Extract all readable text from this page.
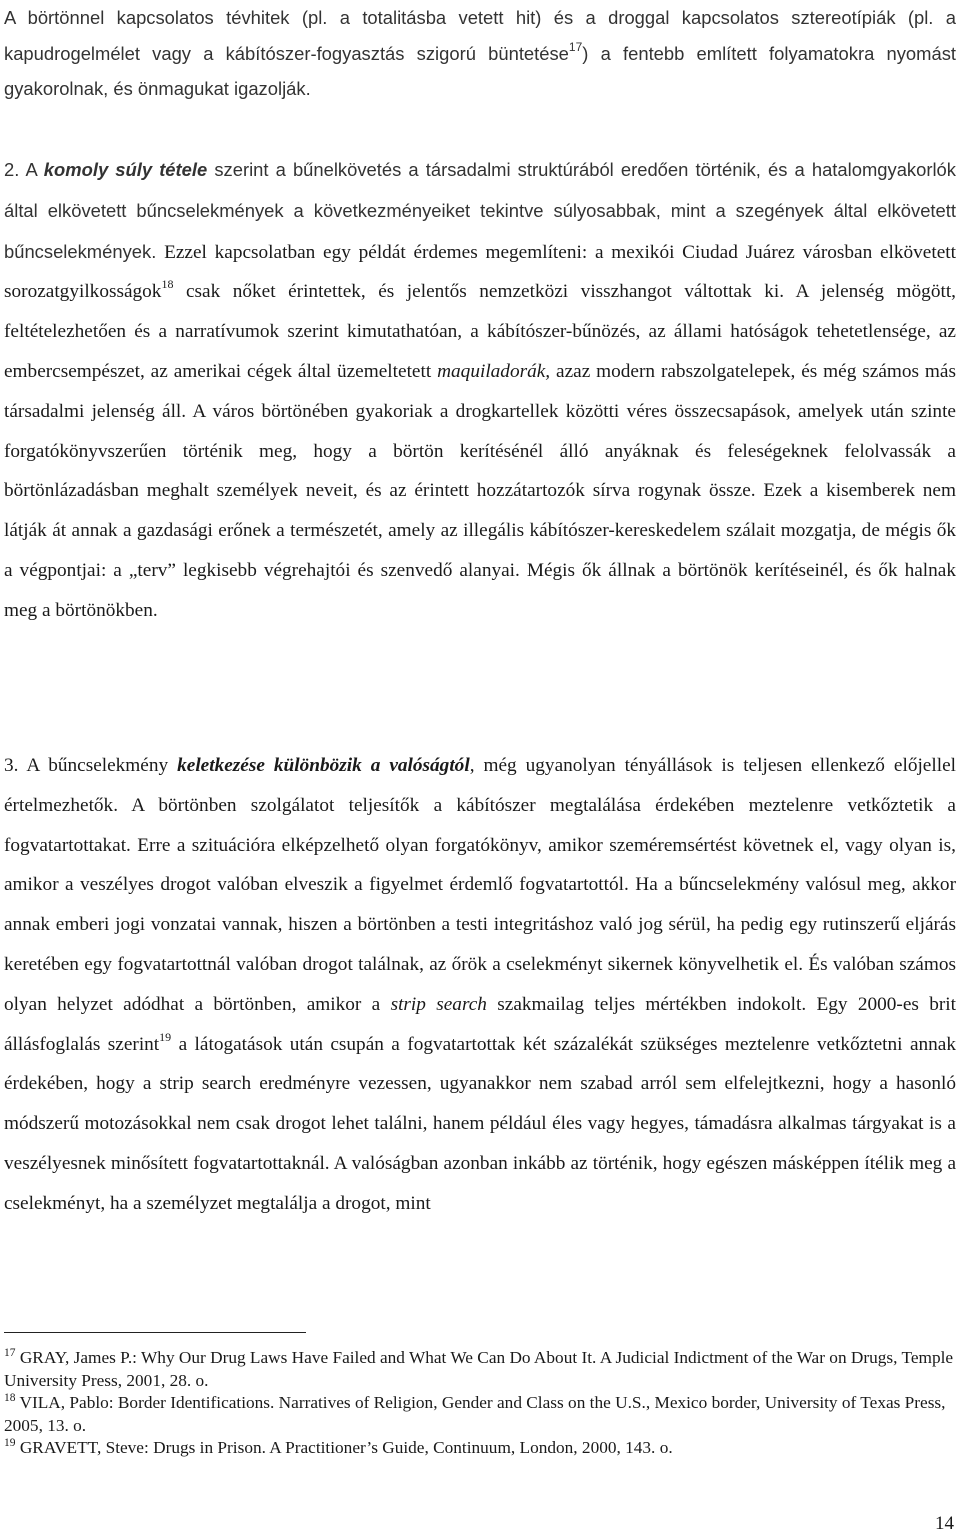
A börtönnel kapcsolatos tévhitek (pl. a totalitásba vetett hit) és a droggal kapcsolatos sztereotípiák (pl. a kapudrogelmélet vagy a kábítószer-fogyasztás szigorú büntetése$^{17}$) a fentebb említett folyamatokra nyomást gyakorolnak, és önmagukat igazolják.

2. A komoly súly tétele szerint a bűnelkövetés a társadalmi struktúrából eredően történik, és a hatalomgyakorlók által elkövetett bűncselekmények a következményeiket tekintve súlyosabbak, mint a szegények által elkövetett bűncselekmények. Ezzel kapcsolatban egy példát érdemes megemlíteni: a mexikói Ciudad Juárez városban elkövetett sorozatgyilkosságok$^{18}$ csak nőket érintettek, és jelentős nemzetközi visszhangot váltottak ki. A jelenség mögött, feltételezhetően és a narratívumok szerint kimutathatóan, a kábítószer-bűnözés, az állami hatóságok tehetetlensége, az embercsempészet, az amerikai cégek által üzemeltetett maquiladorák, azaz modern rabszolgatelepek, és még számos más társadalmi jelenség áll. A város börtönében gyakoriak a drogkartellek közötti véres összecsapások, amelyek után szinte forgatókönyvszerűen történik meg, hogy a börtön kerítésénél álló anyáknak és feleségeknek felolvassák a börtönlázadásban meghalt személyek neveit, és az érintett hozzátartozók sírva rogynak össze. Ezek a kisemberek nem látják át annak a gazdasági erőnek a természetét, amely az illegális kábítószer-kereskedelem szálait mozgatja, de mégis ők a végpontjai: a „terv” legkisebb végrehajtói és szenvedő alanyai. Mégis ők állnak a börtönök kerítéseinél, és ők halnak meg a börtönökben.

3. A bűncselekmény keletkezése különbözik a valóságtól, még ugyanolyan tényállások is teljesen ellenkező előjellel értelmezhetők. A börtönben szolgálatot teljesítők a kábítószer megtalálása érdekében meztelenre vetkőztetik a fogvatartottakat. Erre a szituációra elképzelhető olyan forgatókönyv, amikor szeméremsértést követnek el, vagy olyan is, amikor a veszélyes drogot valóban elveszik a figyelmet érdemlő fogvatartottól. Ha a bűncselekmény valósul meg, akkor annak emberi jogi vonzatai vannak, hiszen a börtönben a testi integritáshoz való jog sérül, ha pedig egy rutinszerű eljárás keretében egy fogvatartottnál valóban drogot találnak, az őrök a cselekményt sikernek könyvelhetik el. És valóban számos olyan helyzet adódhat a börtönben, amikor a strip search szakmailag teljes mértékben indokolt. Egy 2000-es brit állásfoglalás szerint$^{19}$ a látogatások után csupán a fogvatartottak két százalékát szükséges meztelenre vetkőztetni annak érdekében, hogy a strip search eredményre vezessen, ugyanakkor nem szabad arról sem elfelejtkezni, hogy a hasonló módszerű motozásokkal nem csak drogot lehet találni, hanem például éles vagy hegyes, támadásra alkalmas tárgyakat is a veszélyesnek minősített fogvatartottaknál. A valóságban azonban inkább az történik, hogy egészen másképpen ítélik meg a cselekményt, ha a személyzet megtalálja a drogot, mint

$^{17}$ GRAY, James P.: Why Our Drug Laws Have Failed and What We Can Do About It. A Judicial Indictment of the War on Drugs, Temple University Press, 2001, 28. o.

$^{18}$ VILA, Pablo: Border Identifications. Narratives of Religion, Gender and Class on the U.S., Mexico border, University of Texas Press, 2005, 13. o.

$^{19}$ GRAVETT, Steve: Drugs in Prison. A Practitioner’s Guide, Continuum, London, 2000, 143. o.

14
